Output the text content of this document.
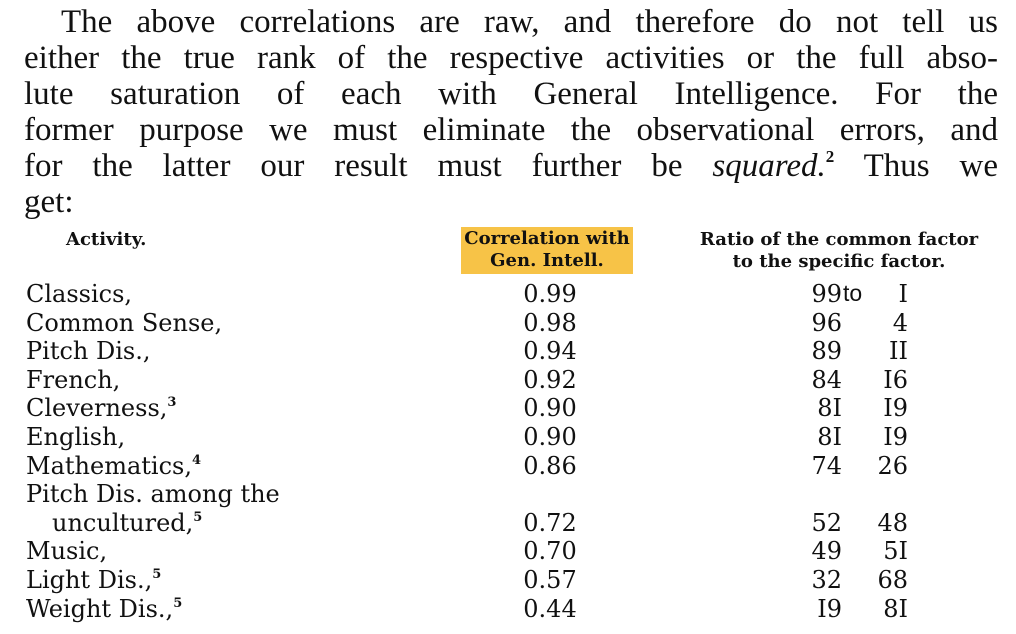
The above correlations are raw, and therefore do not tell us
either the true rank of the respective activities or the full abso-
lute saturation of each with General Intelligence. For the
former purpose we must eliminate the observational errors, and
for the latter our result must further be squared.$^2$ Thus we
get:
Activity.	Correlation with
Gen. Intell.
Ratio of the common factor
to the specific factor.
Classics,	0.99	99 to	I
Common Sense,	0.98	96	4
Pitch Dis.,	0.94	89	II
French,	0.92	84	I6
Cleverness,$^3$	0.90	8I	I9
English,	0.90	8I	I9
Mathematics,$^4$	0.86	74	26
Pitch Dis. among the
uncultured,$^5$	0.72	52	48
Music,	0.70	49	5I
Light Dis.,$^5$	0.57	32	68
Weight Dis.,$^5$	0.44	I9	8I
